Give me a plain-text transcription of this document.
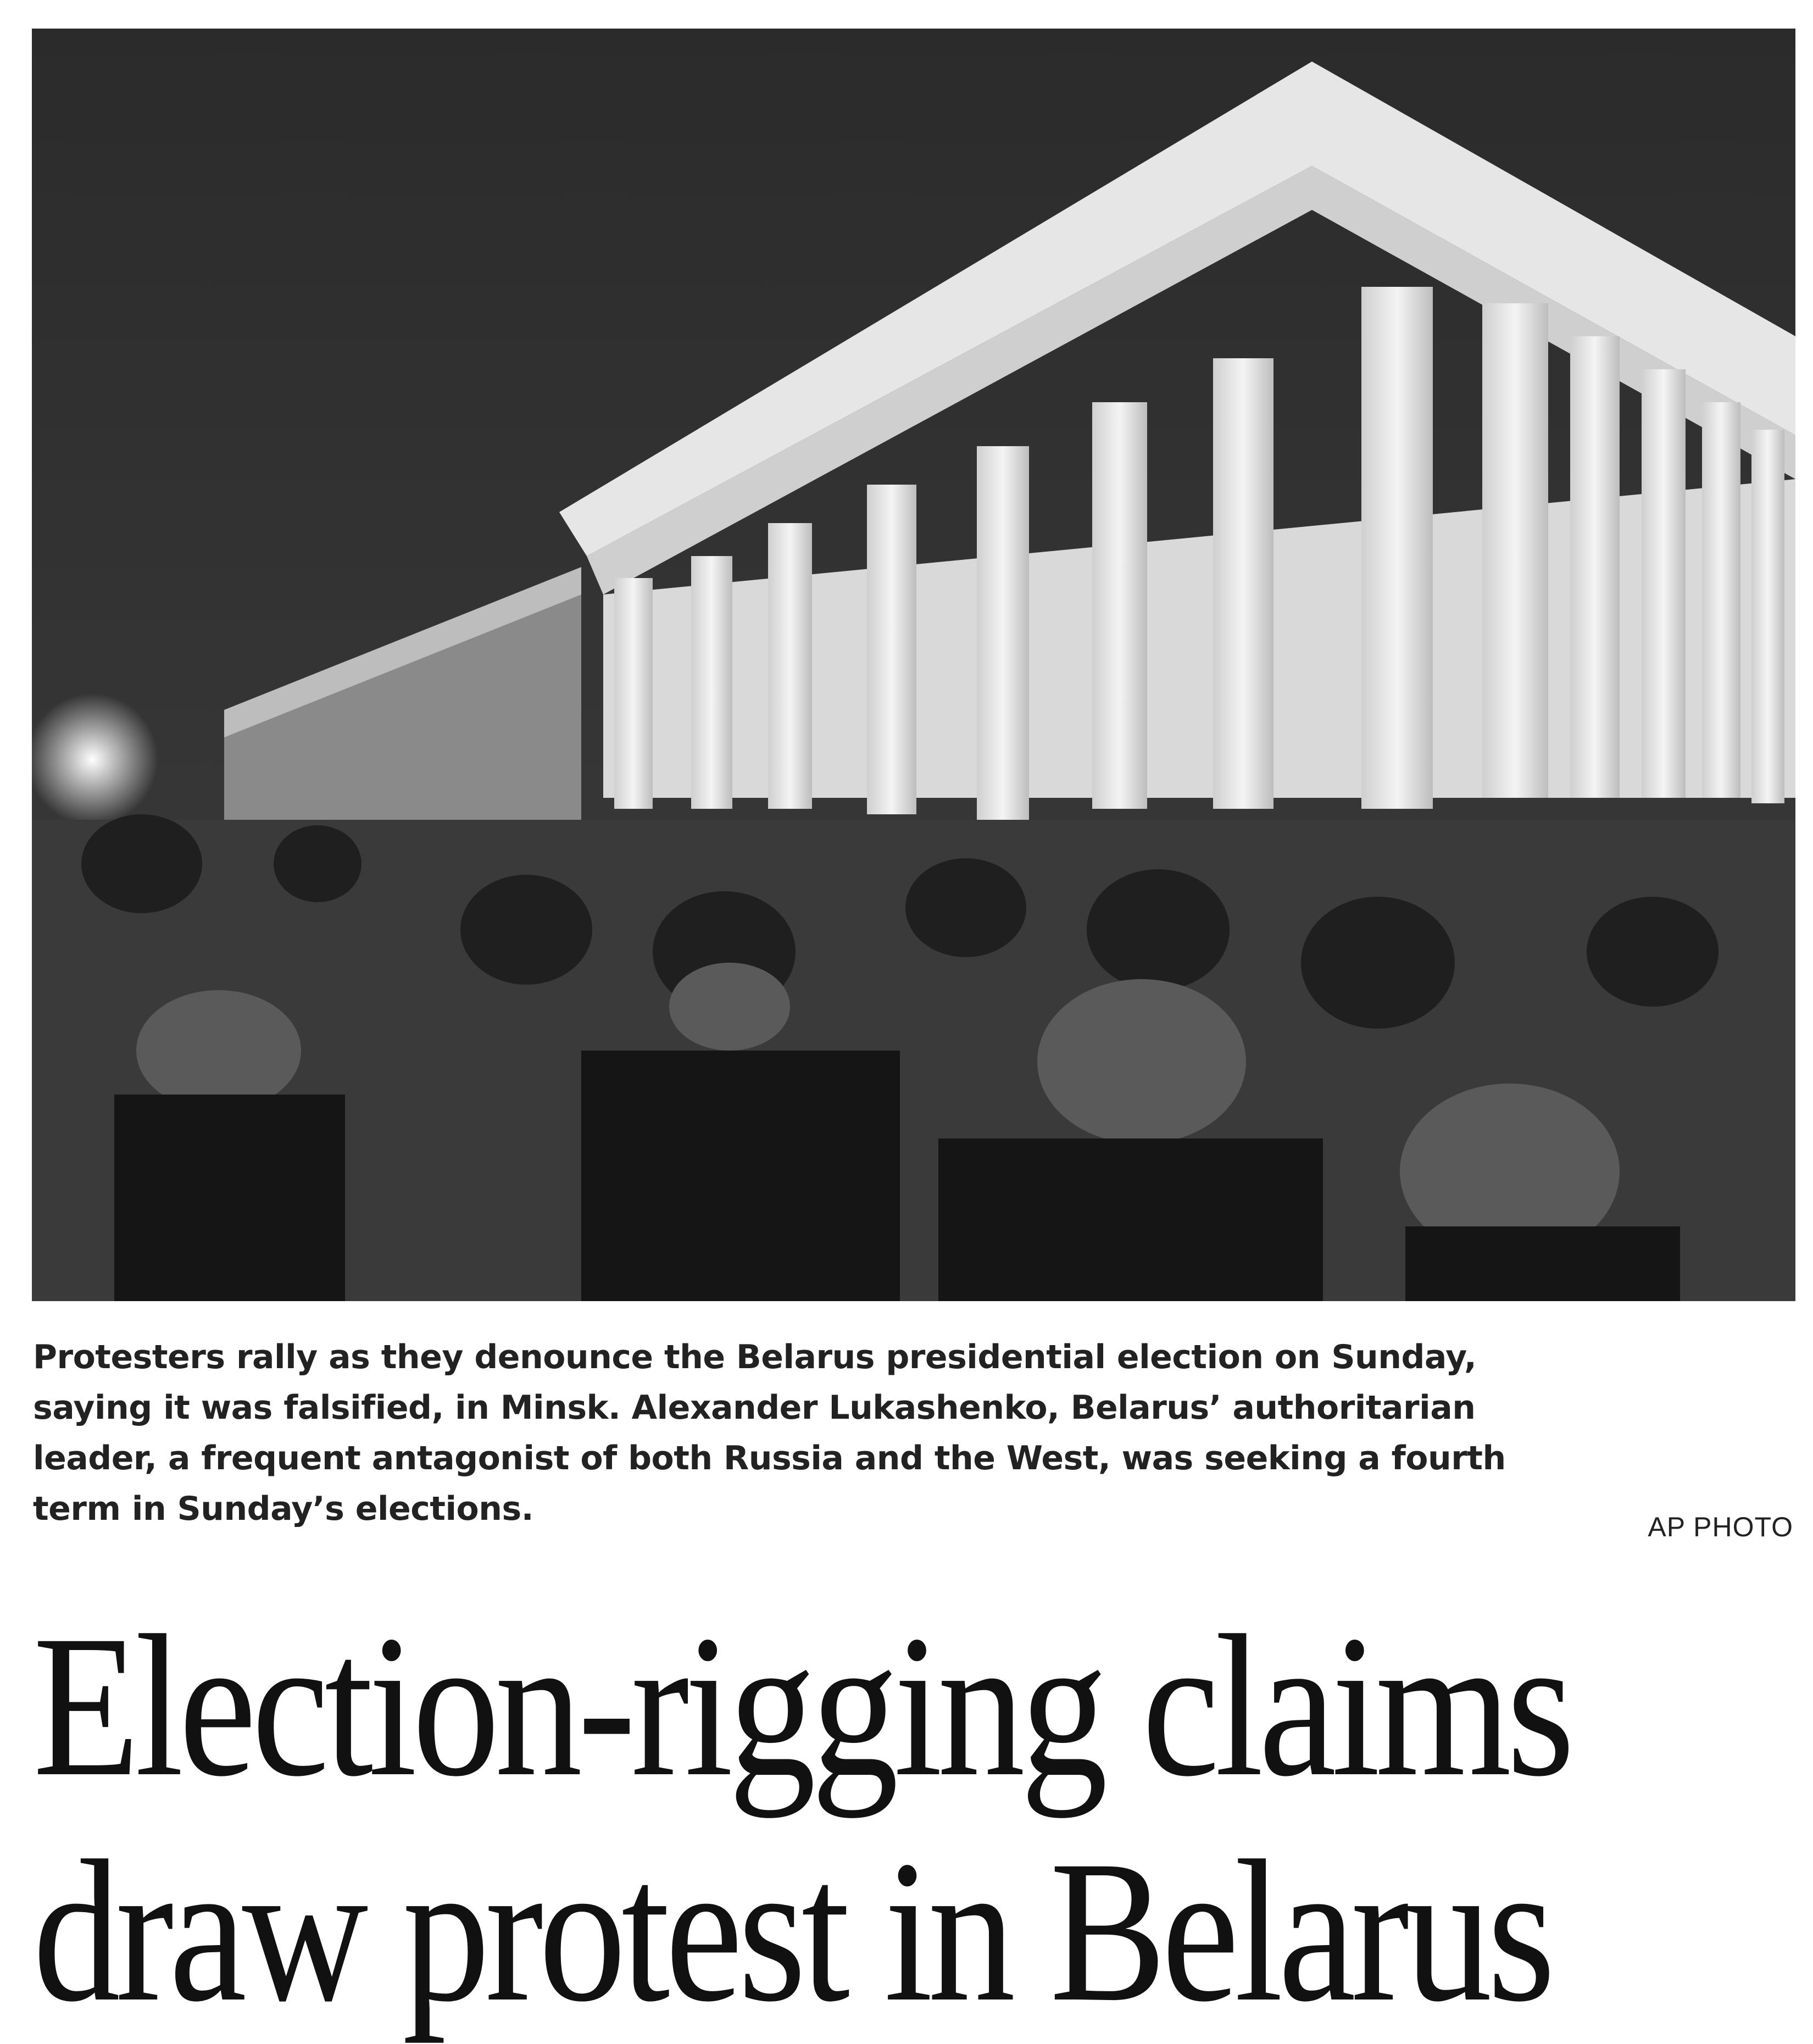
Protesters rally as they denounce the Belarus presidential election on Sunday,
saying it was falsified, in Minsk. Alexander Lukashenko, Belarus’ authoritarian
leader, a frequent antagonist of both Russia and the West, was seeking a fourth
term in Sunday’s elections.	AP PHOTO
Election-rigging claims
draw protest in Belarus
